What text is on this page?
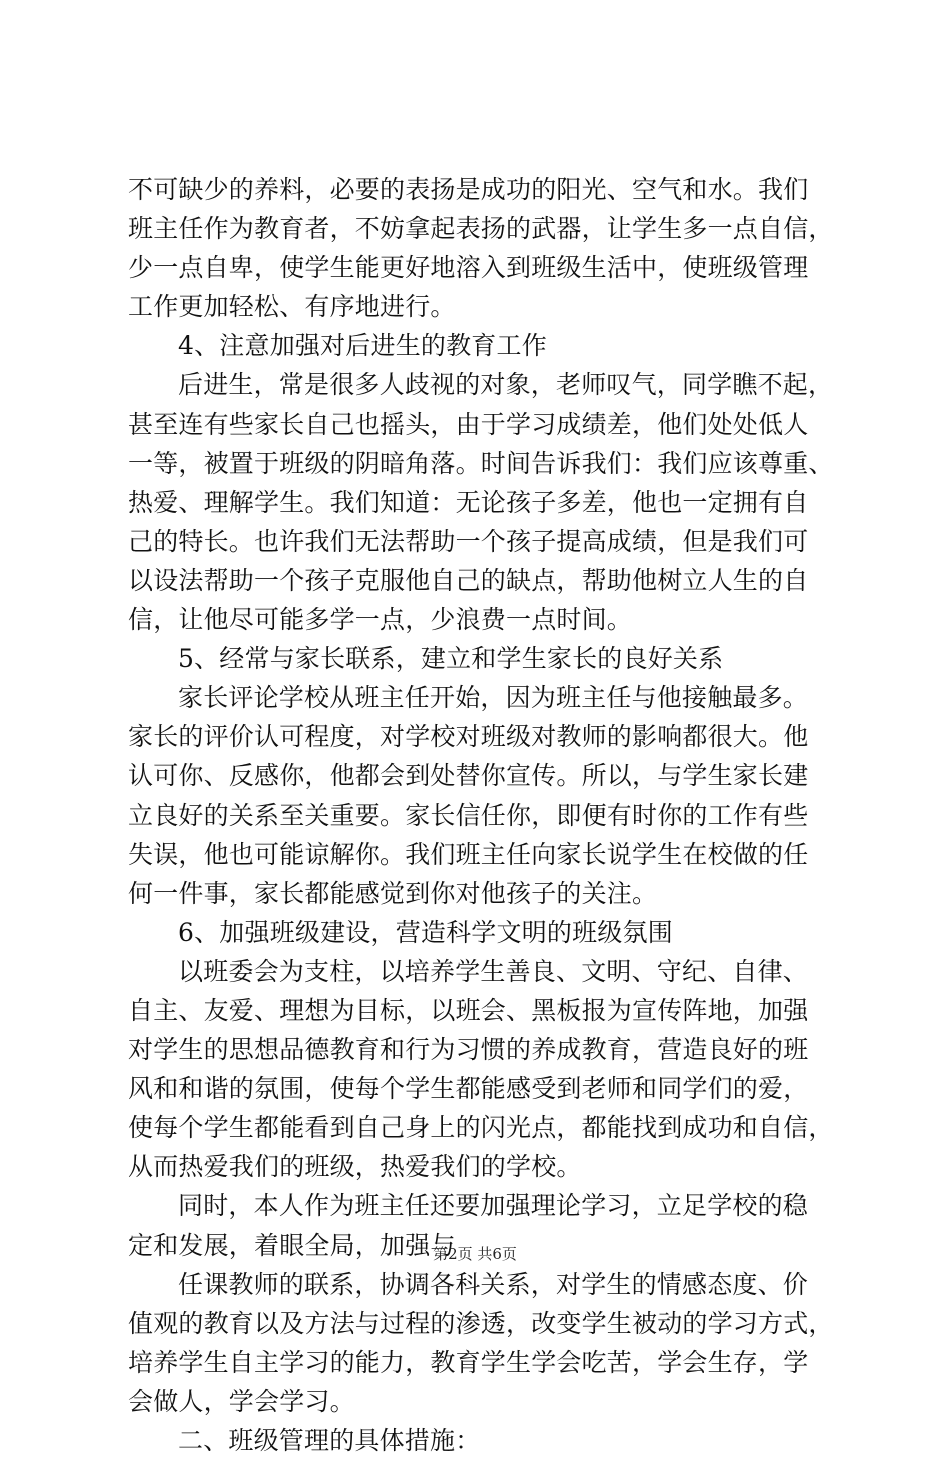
不可缺少的养料，必要的表扬是成功的阳光、空气和水。我们
班主任作为教育者，不妨拿起表扬的武器，让学生多一点自信，
少一点自卑，使学生能更好地溶入到班级生活中，使班级管理
工作更加轻松、有序地进行。
4、注意加强对后进生的教育工作
后进生，常是很多人歧视的对象，老师叹气，同学瞧不起，
甚至连有些家长自己也摇头，由于学习成绩差，他们处处低人
一等，被置于班级的阴暗角落。时间告诉我们：我们应该尊重、
热爱、理解学生。我们知道：无论孩子多差，他也一定拥有自
己的特长。也许我们无法帮助一个孩子提高成绩，但是我们可
以设法帮助一个孩子克服他自己的缺点，帮助他树立人生的自
信，让他尽可能多学一点，少浪费一点时间。
5、经常与家长联系，建立和学生家长的良好关系
家长评论学校从班主任开始，因为班主任与他接触最多。
家长的评价认可程度，对学校对班级对教师的影响都很大。他
认可你、反感你，他都会到处替你宣传。所以，与学生家长建
立良好的关系至关重要。家长信任你，即便有时你的工作有些
失误，他也可能谅解你。我们班主任向家长说学生在校做的任
何一件事，家长都能感觉到你对他孩子的关注。
6、加强班级建设，营造科学文明的班级氛围
以班委会为支柱，以培养学生善良、文明、守纪、自律、
自主、友爱、理想为目标，以班会、黑板报为宣传阵地，加强
对学生的思想品德教育和行为习惯的养成教育，营造良好的班
风和和谐的氛围，使每个学生都能感受到老师和同学们的爱，
使每个学生都能看到自己身上的闪光点，都能找到成功和自信，
从而热爱我们的班级，热爱我们的学校。
同时，本人作为班主任还要加强理论学习，立足学校的稳
定和发展，着眼全局，加强与
任课教师的联系，协调各科关系，对学生的情感态度、价
值观的教育以及方法与过程的渗透，改变学生被动的学习方式，
培养学生自主学习的能力，教育学生学会吃苦，学会生存，学
会做人，学会学习。
二、班级管理的具体措施：
第2页 共6页
